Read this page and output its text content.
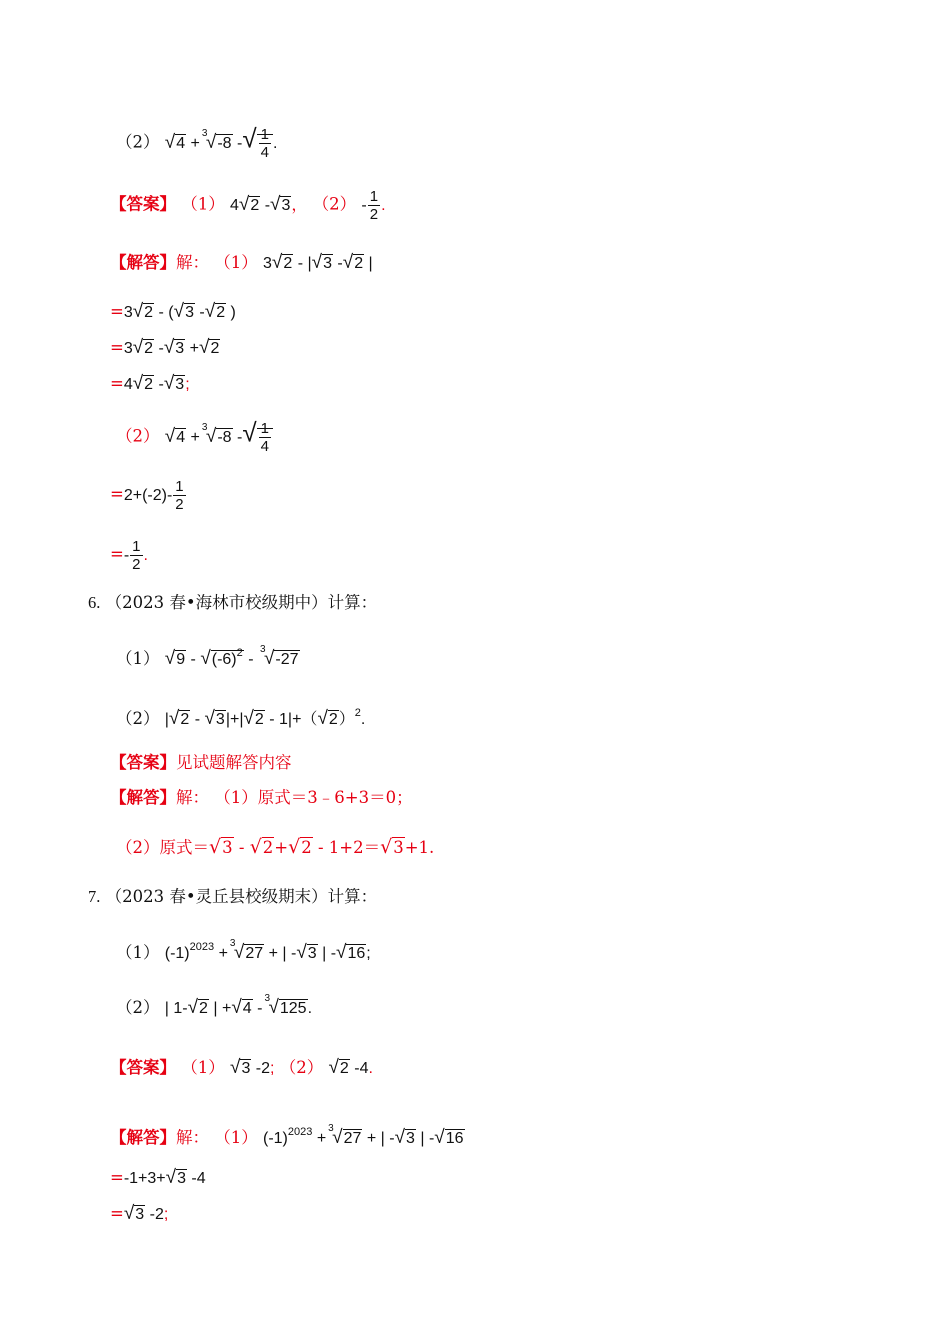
（2） √4 +
3
√-8 -√ $\frac{1}{4}$ .
【答案】 （1） 4√2 -√3， $(2) - \frac{1}{2}$ .
【解答】解： （1） 3√2 - |√3 -√2 |
=3√2 - (√3 -√2 )
=3√2 -√3 +√2
=4√2 -√3;
（2） √4 +
3
√-8 -√ $\frac{1}{4}$
$=2+(-2)- \frac{1}{2}$
=- $\frac{1}{2}$ .
6. （2023 春•海林市校级期中）计算：
（1） $√9 - √(-6)^2$ -
3
√-27
（2） $|√2 - √3|+|√2 - 1|+(√2)^2$.
【答案】见试题解答内容
【解答】解： （1）原式＝3﹣6+3＝0；
（2）原式＝√3 - √2+√2 - 1+2＝√3+1.
7. （2023 春•灵丘县校级期末）计算：
（1） $(-1)^{2023}$ +
3
√27 + | -√3 | -√16;
（2） | 1-√2 | +√4 -
3
√125.
【答案】 （1） √3 -2; （2） √2 -4.
【解答】解： （1） $(-1)^{2023}$ +
3
√27 + | -√3 | -√16
=-1+3+√3 -4
=√3 -2;
